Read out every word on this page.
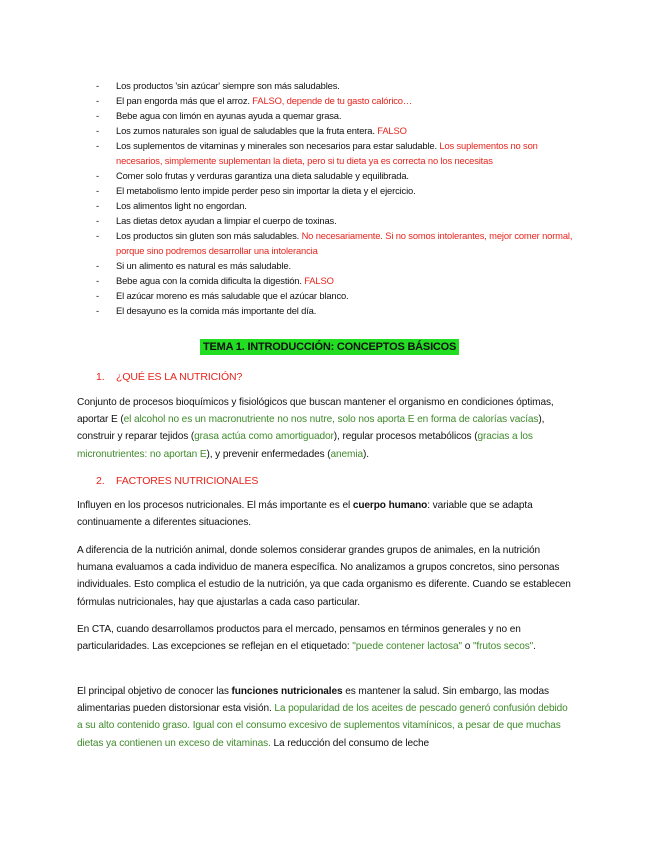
- Los productos 'sin azúcar' siempre son más saludables.
- El pan engorda más que el arroz. FALSO, depende de tu gasto calórico…
- Bebe agua con limón en ayunas ayuda a quemar grasa.
- Los zumos naturales son igual de saludables que la fruta entera. FALSO
- Los suplementos de vitaminas y minerales son necesarios para estar saludable. Los suplementos no son necesarios, simplemente suplementan la dieta, pero si tu dieta ya es correcta no los necesitas
- Comer solo frutas y verduras garantiza una dieta saludable y equilibrada.
- El metabolismo lento impide perder peso sin importar la dieta y el ejercicio.
- Los alimentos light no engordan.
- Las dietas detox ayudan a limpiar el cuerpo de toxinas.
- Los productos sin gluten son más saludables. No necesariamente. Si no somos intolerantes, mejor comer normal, porque sino podremos desarrollar una intolerancia
- Si un alimento es natural es más saludable.
- Bebe agua con la comida dificulta la digestión. FALSO
- El azúcar moreno es más saludable que el azúcar blanco.
- El desayuno es la comida más importante del día.
TEMA 1. INTRODUCCIÓN: CONCEPTOS BÁSICOS
1. ¿QUÉ ES LA NUTRICIÓN?

Conjunto de procesos bioquímicos y fisiológicos que buscan mantener el organismo en condiciones óptimas, aportar E (el alcohol no es un macronutriente no nos nutre, solo nos aporta E en forma de calorías vacías), construir y reparar tejidos (grasa actúa como amortiguador), regular procesos metabólicos (gracias a los micronutrientes: no aportan E), y prevenir enfermedades (anemia).

2. FACTORES NUTRICIONALES

Influyen en los procesos nutricionales. El más importante es el cuerpo humano: variable que se adapta continuamente a diferentes situaciones.

A diferencia de la nutrición animal, donde solemos considerar grandes grupos de animales, en la nutrición humana evaluamos a cada individuo de manera específica. No analizamos a grupos concretos, sino personas individuales. Esto complica el estudio de la nutrición, ya que cada organismo es diferente. Cuando se establecen fórmulas nutricionales, hay que ajustarlas a cada caso particular.

En CTA, cuando desarrollamos productos para el mercado, pensamos en términos generales y no en particularidades. Las excepciones se reflejan en el etiquetado: "puede contener lactosa" o "frutos secos".

El principal objetivo de conocer las funciones nutricionales es mantener la salud. Sin embargo, las modas alimentarias pueden distorsionar esta visión. La popularidad de los aceites de pescado generó confusión debido a su alto contenido graso. Igual con el consumo excesivo de suplementos vitamínicos, a pesar de que muchas dietas ya contienen un exceso de vitaminas. La reducción del consumo de leche
